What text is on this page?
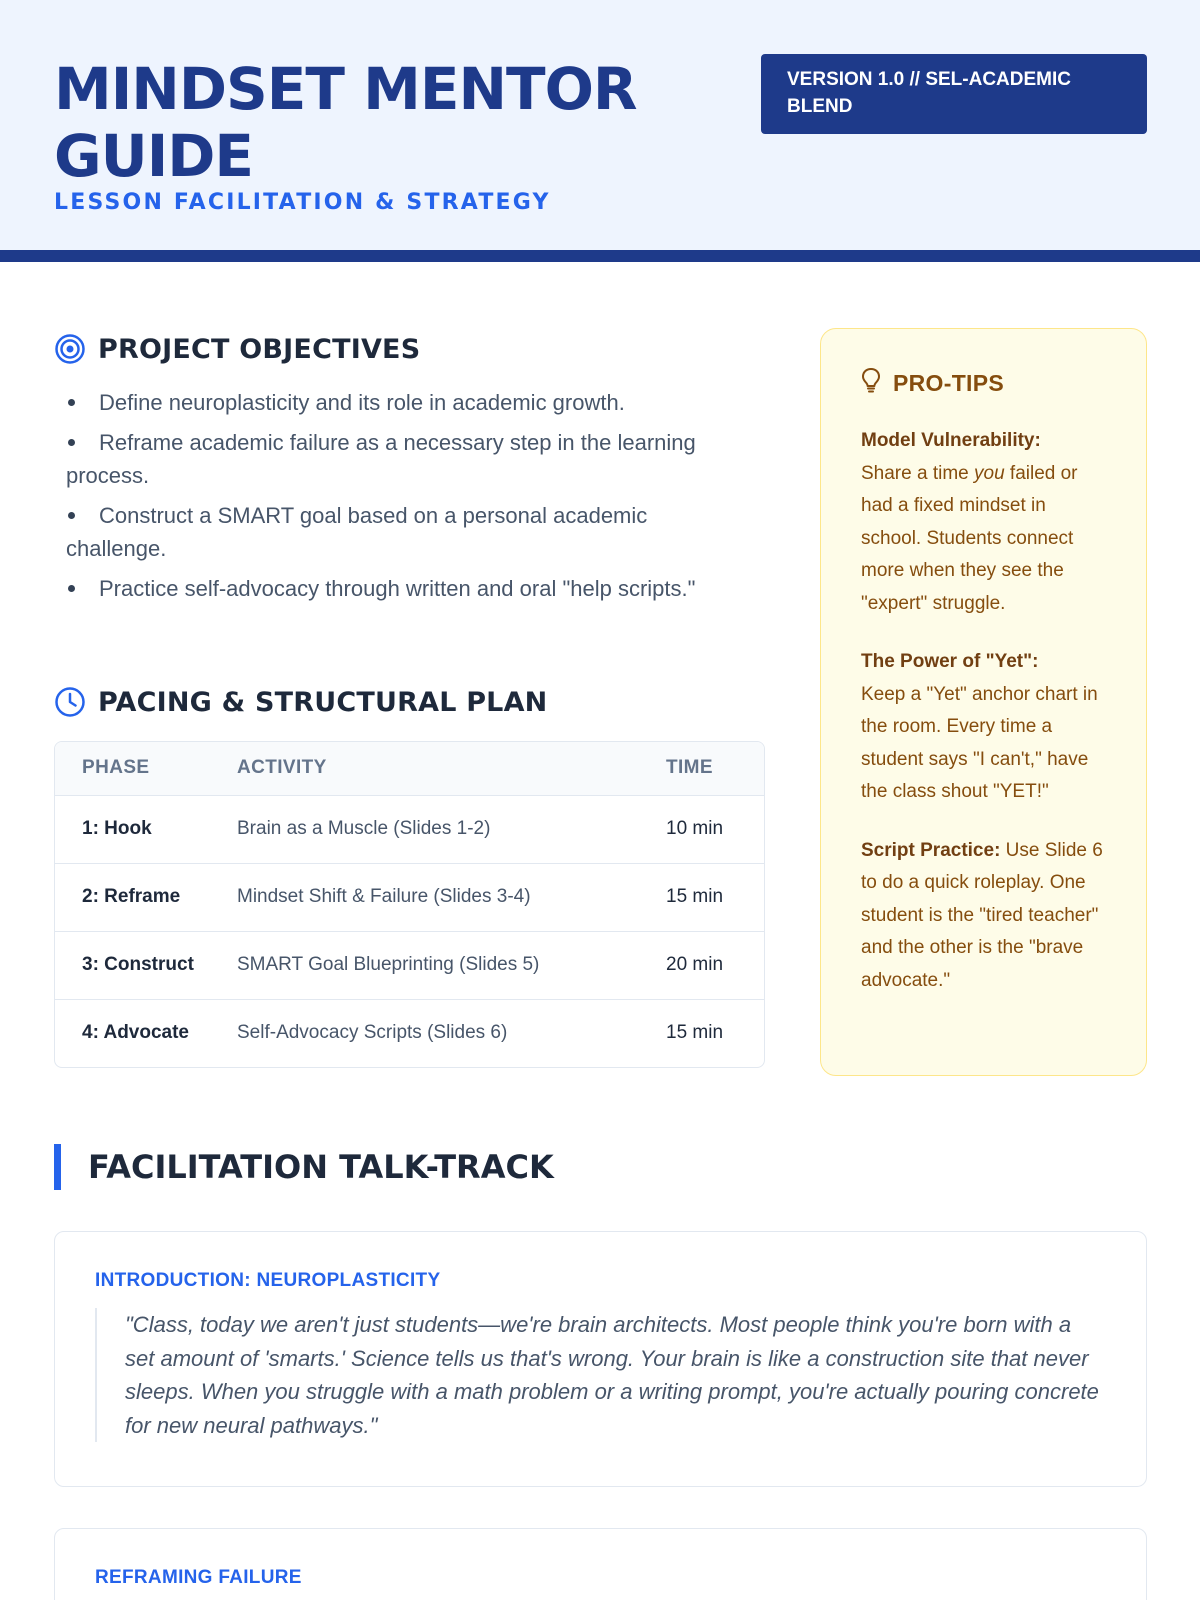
MINDSET MENTOR GUIDE
LESSON FACILITATION & STRATEGY
VERSION 1.0 // SEL-ACADEMIC BLEND
PROJECT OBJECTIVES
Define neuroplasticity and its role in academic growth.
Reframe academic failure as a necessary step in the learning process.
Construct a SMART goal based on a personal academic challenge.
Practice self-advocacy through written and oral "help scripts."
PACING & STRUCTURAL PLAN
PHASE	ACTIVITY	TIME
1: Hook	Brain as a Muscle (Slides 1-2)	10 min
2: Reframe	Mindset Shift & Failure (Slides 3-4)	15 min
3: Construct	SMART Goal Blueprinting (Slides 5)	20 min
4: Advocate	Self-Advocacy Scripts (Slides 6)	15 min
PRO-TIPS

Model Vulnerability:
Share a time you failed or had a fixed mindset in school. Students connect more when they see the "expert" struggle.

The Power of "Yet":
Keep a "Yet" anchor chart in the room. Every time a student says "I can't," have the class shout "YET!"

Script Practice: Use Slide 6 to do a quick roleplay. One student is the "tired teacher" and the other is the "brave advocate."

FACILITATION TALK-TRACK
INTRODUCTION: NEUROPLASTICITY
"Class, today we aren't just students—we're brain architects. Most people think you're born with a set amount of 'smarts.' Science tells us that's wrong. Your brain is like a construction site that never sleeps. When you struggle with a math problem or a writing prompt, you're actually pouring concrete for new neural pathways."
REFRAMING FAILURE
